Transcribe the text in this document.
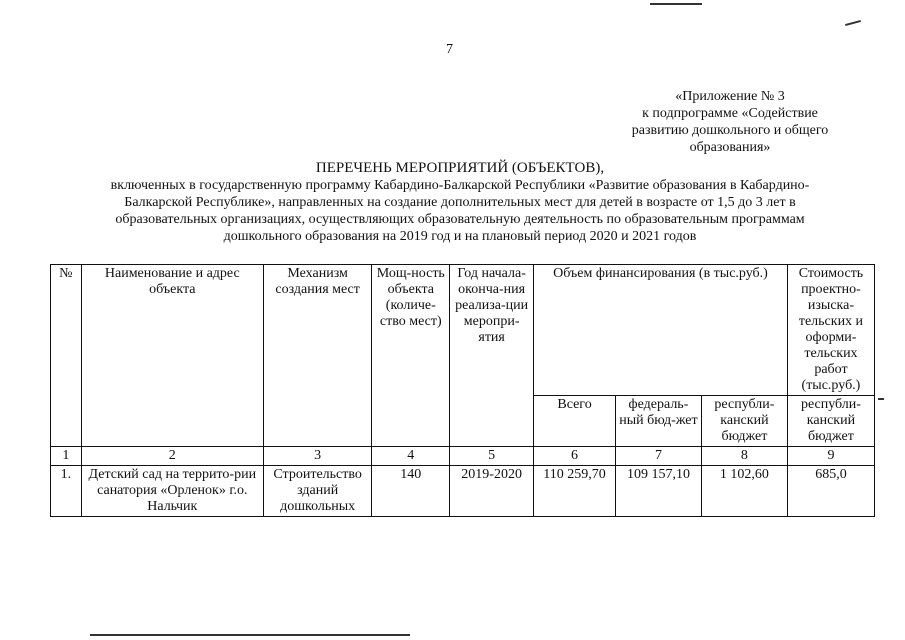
7
«Приложение № 3
к подпрограмме «Содействие
развитию дошкольного и общего
образования»
ПЕРЕЧЕНЬ МЕРОПРИЯТИЙ (ОБЪЕКТОВ),
включенных в государственную программу Кабардино-Балкарской Республики «Развитие образования в Кабардино-
Балкарской Республике», направленных на создание дополнительных мест для детей в возрасте от 1,5 до 3 лет в
образовательных организациях, осуществляющих образовательную деятельность по образовательным программам
дошкольного образования на 2019 год и на плановый период 2020 и 2021 годов
№	Наименование и адрес объекта	Механизм создания мест	Мощ-ность объекта (количе-ство мест)	Год начала-оконча-ния реализа-ции меропри-ятия	Объем финансирования (в тыс.руб.)			Стоимость проектно-изыска-тельских и оформи-тельских работ (тыс.руб.)
					Всего	федераль-ный бюд-жет	республи-канский бюджет	республи-канский бюджет
1	2	3	4	5	6	7	8	9
1.	Детский сад на террито-рии санатория «Орленок» г.о. Нальчик	Строительство зданий дошкольных	140	2019-2020	110 259,70	109 157,10	1 102,60	685,0
